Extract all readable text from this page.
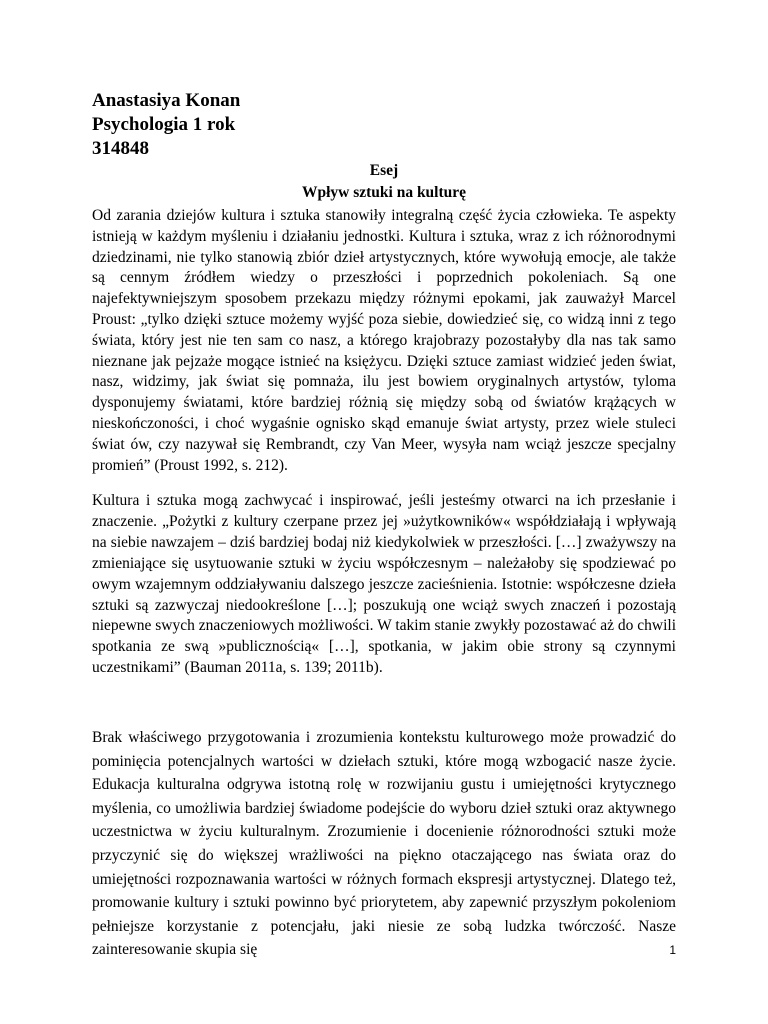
Anastasiya Konan
Psychologia 1 rok
314848
Esej
Wpływ sztuki na kulturę

Od zarania dziejów kultura i sztuka stanowiły integralną część życia człowieka. Te aspekty istnieją w każdym myśleniu i działaniu jednostki. Kultura i sztuka, wraz z ich różnorodnymi dziedzinami, nie tylko stanowią zbiór dzieł artystycznych, które wywołują emocje, ale także są cennym źródłem wiedzy o przeszłości i poprzednich pokoleniach. Są one najefektywniejszym sposobem przekazu między różnymi epokami, jak zauważył Marcel Proust: „tylko dzięki sztuce możemy wyjść poza siebie, dowiedzieć się, co widzą inni z tego świata, który jest nie ten sam co nasz, a którego krajobrazy pozostałyby dla nas tak samo nieznane jak pejzaże mogące istnieć na księżycu. Dzięki sztuce zamiast widzieć jeden świat, nasz, widzimy, jak świat się pomnaża, ilu jest bowiem oryginalnych artystów, tyloma dysponujemy światami, które bardziej różnią się między sobą od światów krążących w nieskończoności, i choć wygaśnie ognisko skąd emanuje świat artysty, przez wiele stuleci świat ów, czy nazywał się Rembrandt, czy Van Meer, wysyła nam wciąż jeszcze specjalny promień” (Proust 1992, s. 212).

Kultura i sztuka mogą zachwycać i inspirować, jeśli jesteśmy otwarci na ich przesłanie i znaczenie. „Pożytki z kultury czerpane przez jej »użytkowników« współdziałają i wpływają na siebie nawzajem – dziś bardziej bodaj niż kiedykolwiek w przeszłości. […] zważywszy na zmieniające się usytuowanie sztuki w życiu współczesnym – należałoby się spodziewać po owym wzajemnym oddziaływaniu dalszego jeszcze zacieśnienia. Istotnie: współczesne dzieła sztuki są zazwyczaj niedookreślone […]; poszukują one wciąż swych znaczeń i pozostają niepewne swych znaczeniowych możliwości. W takim stanie zwykły pozostawać aż do chwili spotkania ze swą »publicznością« […], spotkania, w jakim obie strony są czynnymi uczestnikami” (Bauman 2011a, s. 139; 2011b).

Brak właściwego przygotowania i zrozumienia kontekstu kulturowego może prowadzić do pominięcia potencjalnych wartości w dziełach sztuki, które mogą wzbogacić nasze życie. Edukacja kulturalna odgrywa istotną rolę w rozwijaniu gustu i umiejętności krytycznego myślenia, co umożliwia bardziej świadome podejście do wyboru dzieł sztuki oraz aktywnego uczestnictwa w życiu kulturalnym. Zrozumienie i docenienie różnorodności sztuki może przyczynić się do większej wrażliwości na piękno otaczającego nas świata oraz do umiejętności rozpoznawania wartości w różnych formach ekspresji artystycznej. Dlatego też, promowanie kultury i sztuki powinno być priorytetem, aby zapewnić przyszłym pokoleniom pełniejsze korzystanie z potencjału, jaki niesie ze sobą ludzka twórczość. Nasze zainteresowanie skupia się	1
